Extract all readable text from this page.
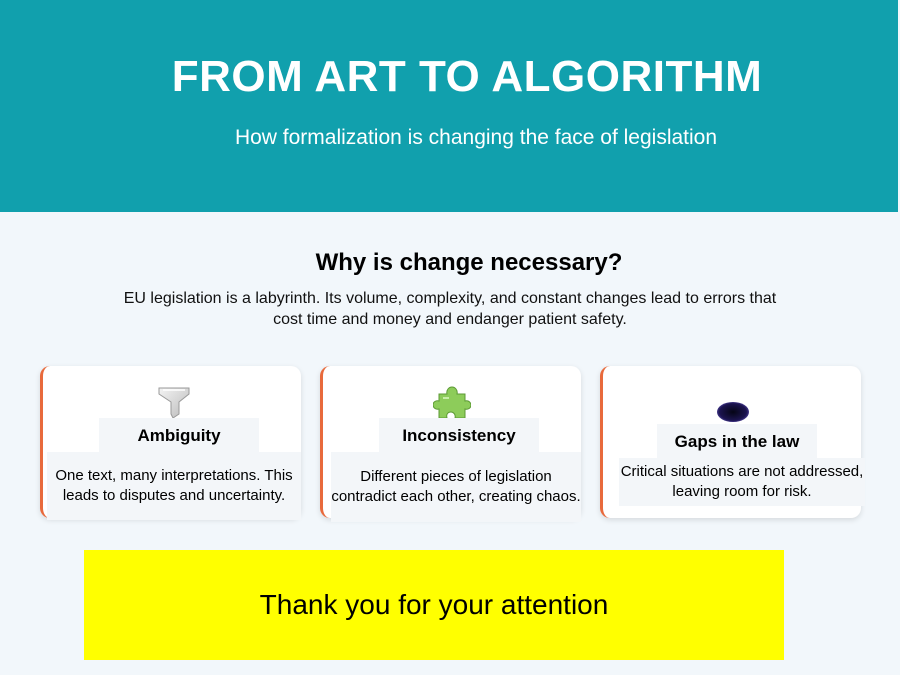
FROM ART TO ALGORITHM

How formalization is changing the face of legislation

Why is change necessary?

EU legislation is a labyrinth. Its volume, complexity, and constant changes lead to errors that cost time and money and endanger patient safety.

Ambiguity
One text, many interpretations. This leads to disputes and uncertainty.
Inconsistency
Different pieces of legislation contradict each other, creating chaos.
Gaps in the law
Critical situations are not addressed, leaving room for risk.
Thank you for your attention
